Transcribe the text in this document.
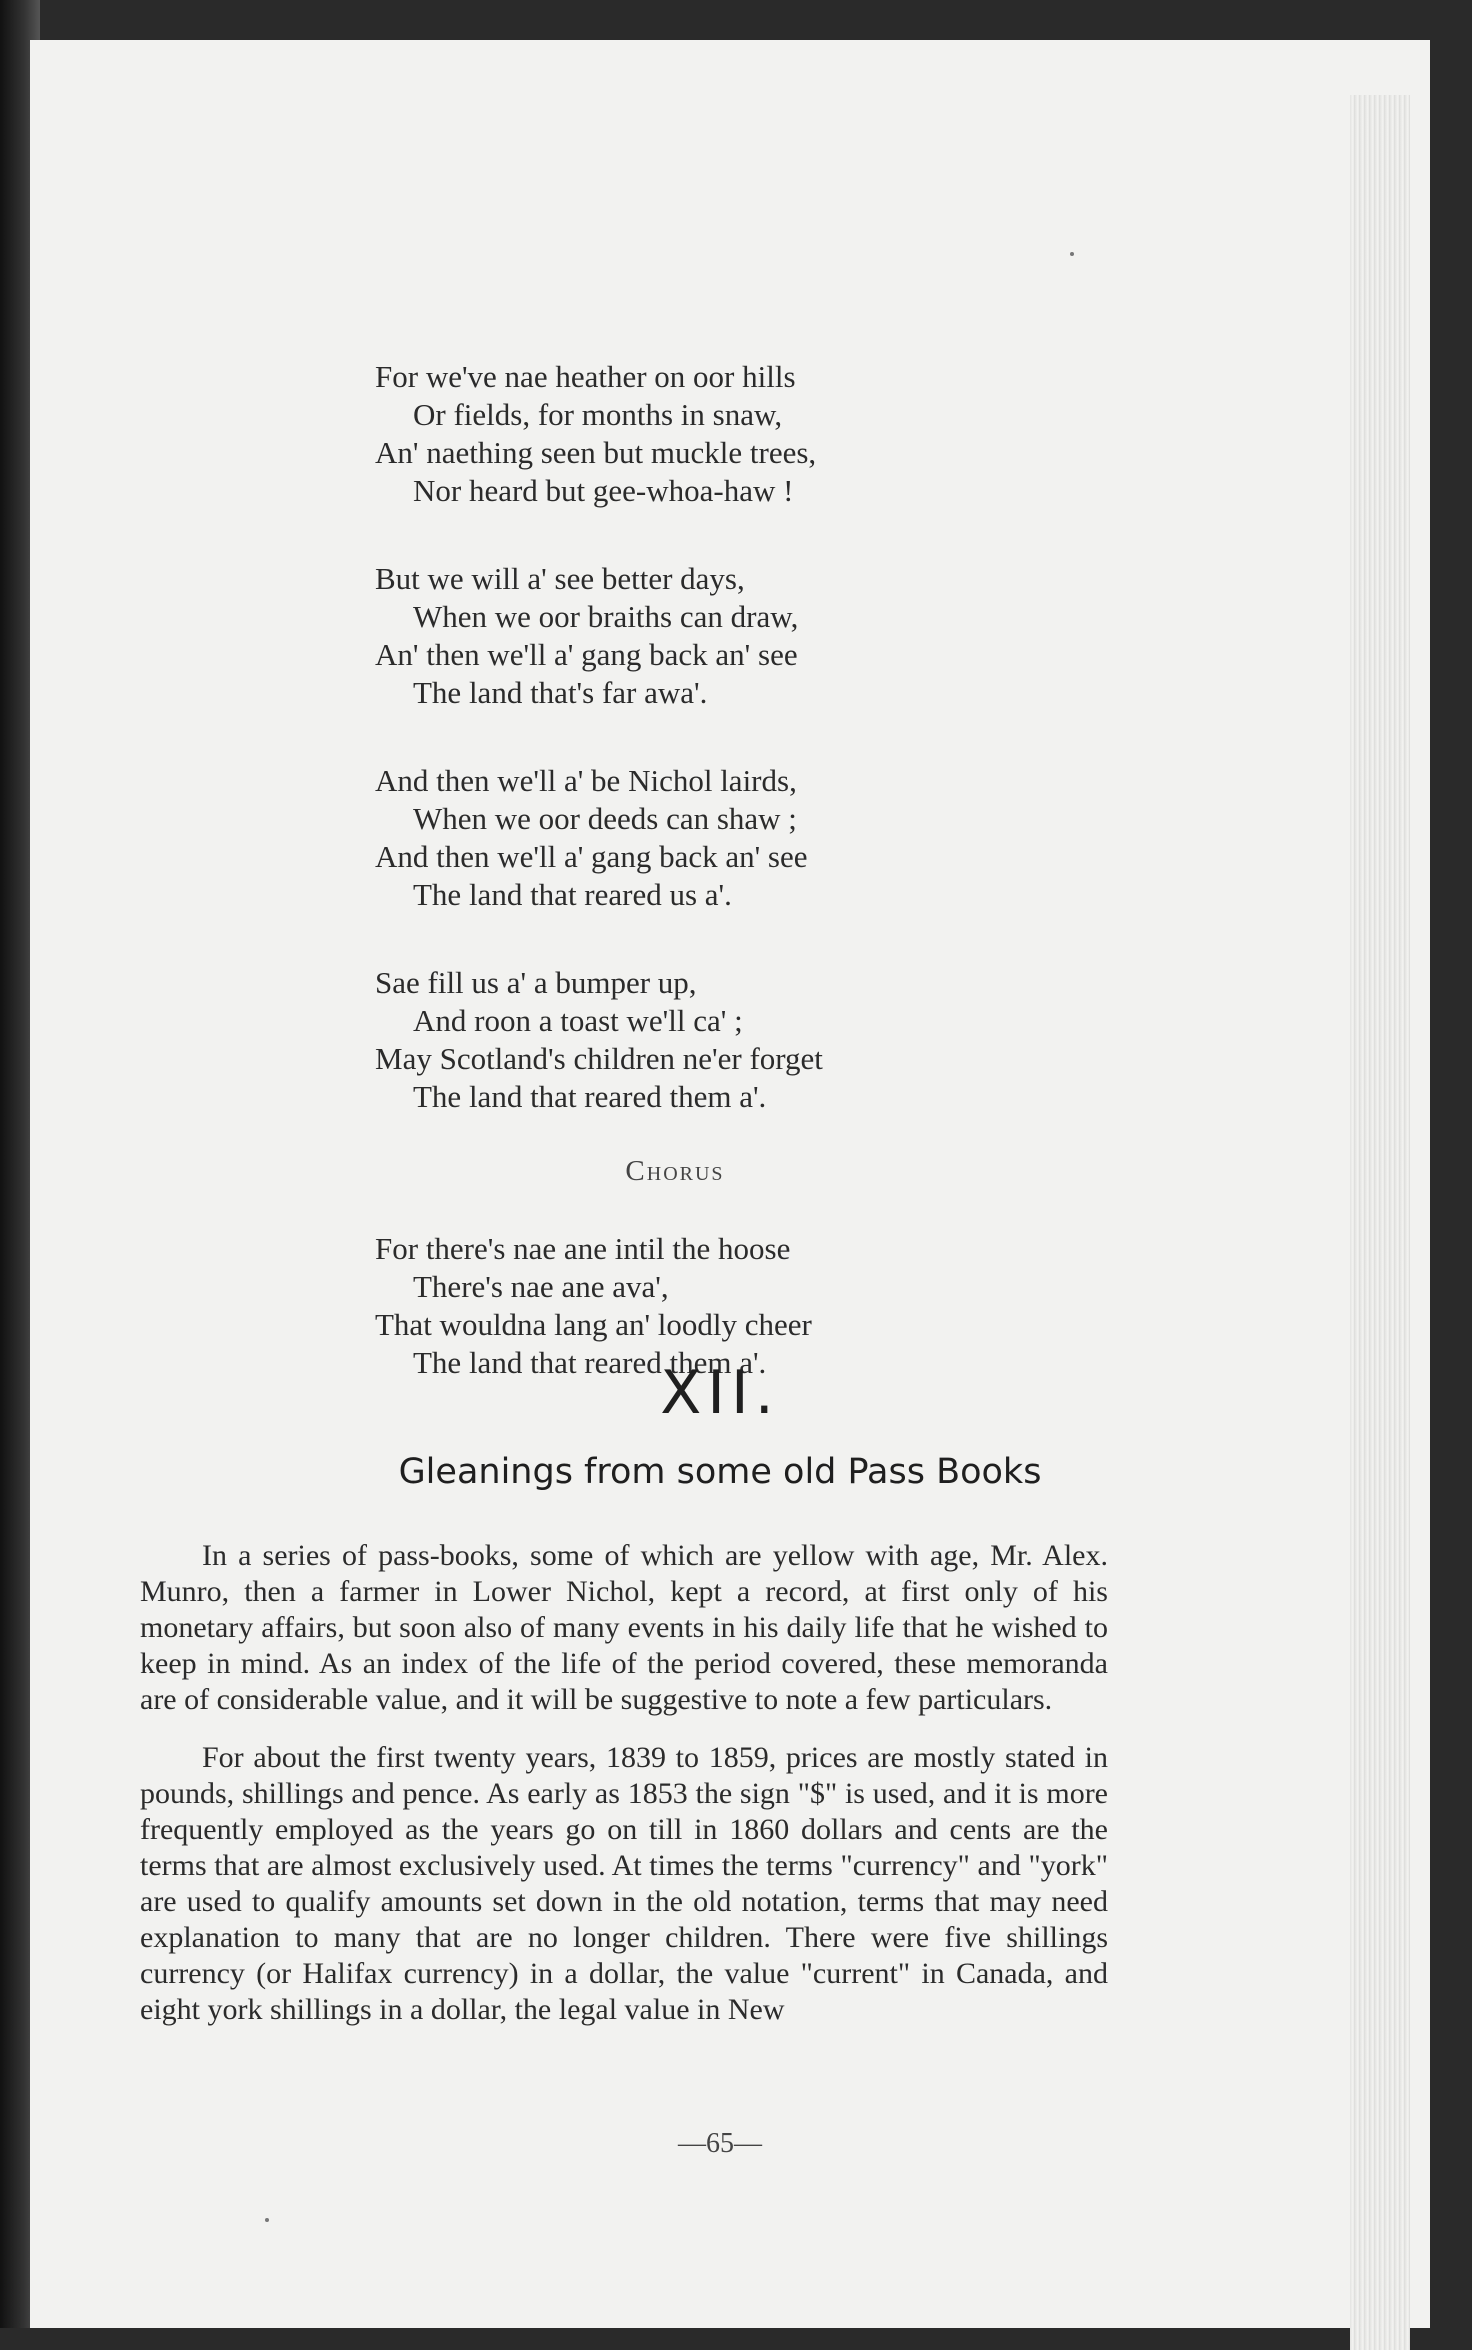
For we've nae heather on oor hills
Or fields, for months in snaw,
An' naething seen but muckle trees,
Nor heard but gee-whoa-haw !
But we will a' see better days,
When we oor braiths can draw,
An' then we'll a' gang back an' see
The land that's far awa'.
And then we'll a' be Nichol lairds,
When we oor deeds can shaw ;
And then we'll a' gang back an' see
The land that reared us a'.
Sae fill us a' a bumper up,
And roon a toast we'll ca' ;
May Scotland's children ne'er forget
The land that reared them a'.
Chorus
For there's nae ane intil the hoose
There's nae ane ava',
That wouldna lang an' loodly cheer
The land that reared them a'.
XII.
Gleanings from some old Pass Books

In a series of pass-books, some of which are yellow with age, Mr. Alex. Munro, then a farmer in Lower Nichol, kept a record, at first only of his monetary affairs, but soon also of many events in his daily life that he wished to keep in mind. As an index of the life of the period covered, these memoranda are of considerable value, and it will be suggestive to note a few particulars.

For about the first twenty years, 1839 to 1859, prices are mostly stated in pounds, shillings and pence. As early as 1853 the sign "$" is used, and it is more frequently employed as the years go on till in 1860 dollars and cents are the terms that are almost exclusively used. At times the terms "currency" and "york" are used to qualify amounts set down in the old notation, terms that may need explanation to many that are no longer children. There were five shillings currency (or Halifax currency) in a dollar, the value "current" in Canada, and eight york shillings in a dollar, the legal value in New

—65—
